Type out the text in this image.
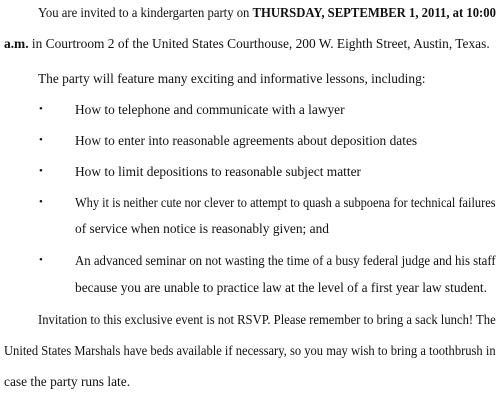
You are invited to a kindergarten party on THURSDAY, SEPTEMBER 1, 2011, at 10:00
a.m. in Courtroom 2 of the United States Courthouse, 200 W. Eighth Street, Austin, Texas.
The party will feature many exciting and informative lessons, including:
• How to telephone and communicate with a lawyer
• How to enter into reasonable agreements about deposition dates
• How to limit depositions to reasonable subject matter
• Why it is neither cute nor clever to attempt to quash a subpoena for technical failures
of service when notice is reasonably given; and
• An advanced seminar on not wasting the time of a busy federal judge and his staff
because you are unable to practice law at the level of a first year law student.
Invitation to this exclusive event is not RSVP. Please remember to bring a sack lunch! The
United States Marshals have beds available if necessary, so you may wish to bring a toothbrush in
case the party runs late.
